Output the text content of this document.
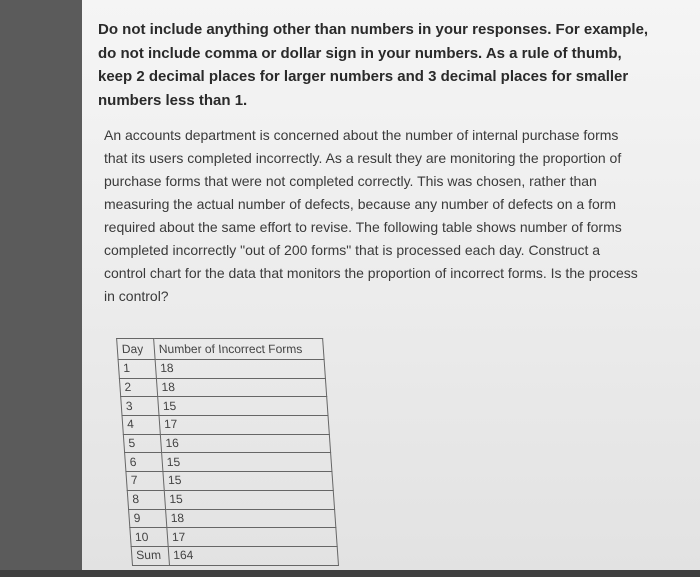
Do not include anything other than numbers in your responses. For example, do not include comma or dollar sign in your numbers. As a rule of thumb, keep 2 decimal places for larger numbers and 3 decimal places for smaller numbers less than 1.

An accounts department is concerned about the number of internal purchase forms that its users completed incorrectly. As a result they are monitoring the proportion of purchase forms that were not completed correctly. This was chosen, rather than measuring the actual number of defects, because any number of defects on a form required about the same effort to revise. The following table shows number of forms completed incorrectly "out of 200 forms" that is processed each day. Construct a control chart for the data that monitors the proportion of incorrect forms. Is the process in control?

Day	Number of Incorrect Forms
1	18
2	18
3	15
4	17
5	16
6	15
7	15
8	15
9	18
10	17
Sum	164
